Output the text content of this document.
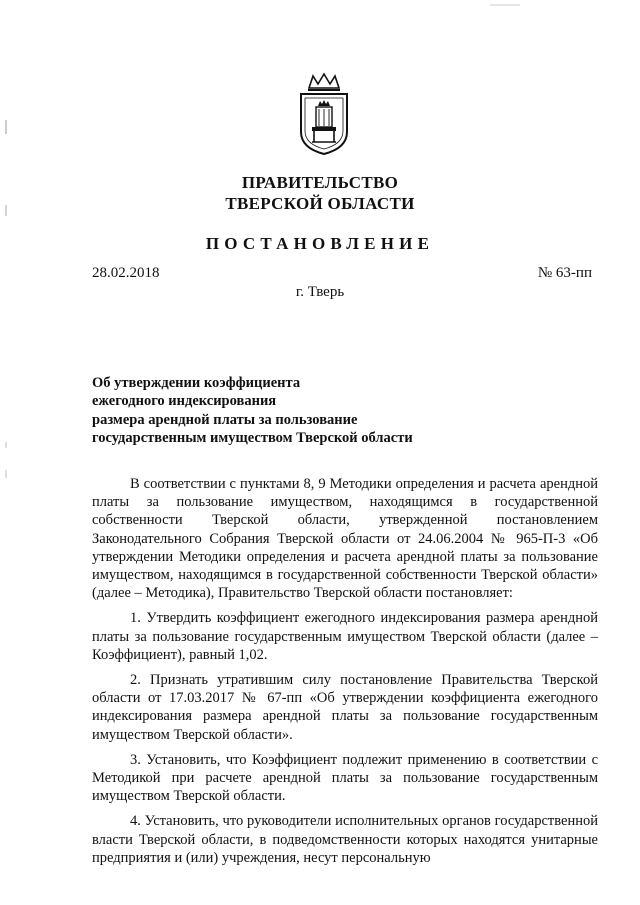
ПРАВИТЕЛЬСТВО
ТВЕРСКОЙ ОБЛАСТИ
ПОСТАНОВЛЕНИЕ
28.02.2018	№ 63-пп
г. Тверь
Об утверждении коэффициента
ежегодного индексирования
размера арендной платы за пользование
государственным имуществом Тверской области

В соответствии с пунктами 8, 9 Методики определения и расчета арендной платы за пользование имуществом, находящимся в государственной собственности Тверской области, утвержденной постановлением Законодательного Собрания Тверской области от 24.06.2004 № 965-П-3 «Об утверждении Методики определения и расчета арендной платы за пользование имуществом, находящимся в государственной собственности Тверской области» (далее – Методика), Правительство Тверской области постановляет:

1. Утвердить коэффициент ежегодного индексирования размера арендной платы за пользование государственным имуществом Тверской области (далее – Коэффициент), равный 1,02.

2. Признать утратившим силу постановление Правительства Тверской области от 17.03.2017 № 67-пп «Об утверждении коэффициента ежегодного индексирования размера арендной платы за пользование государственным имуществом Тверской области».

3. Установить, что Коэффициент подлежит применению в соответствии с Методикой при расчете арендной платы за пользование государственным имуществом Тверской области.

4. Установить, что руководители исполнительных органов государственной власти Тверской области, в подведомственности которых находятся унитарные предприятия и (или) учреждения, несут персональную
